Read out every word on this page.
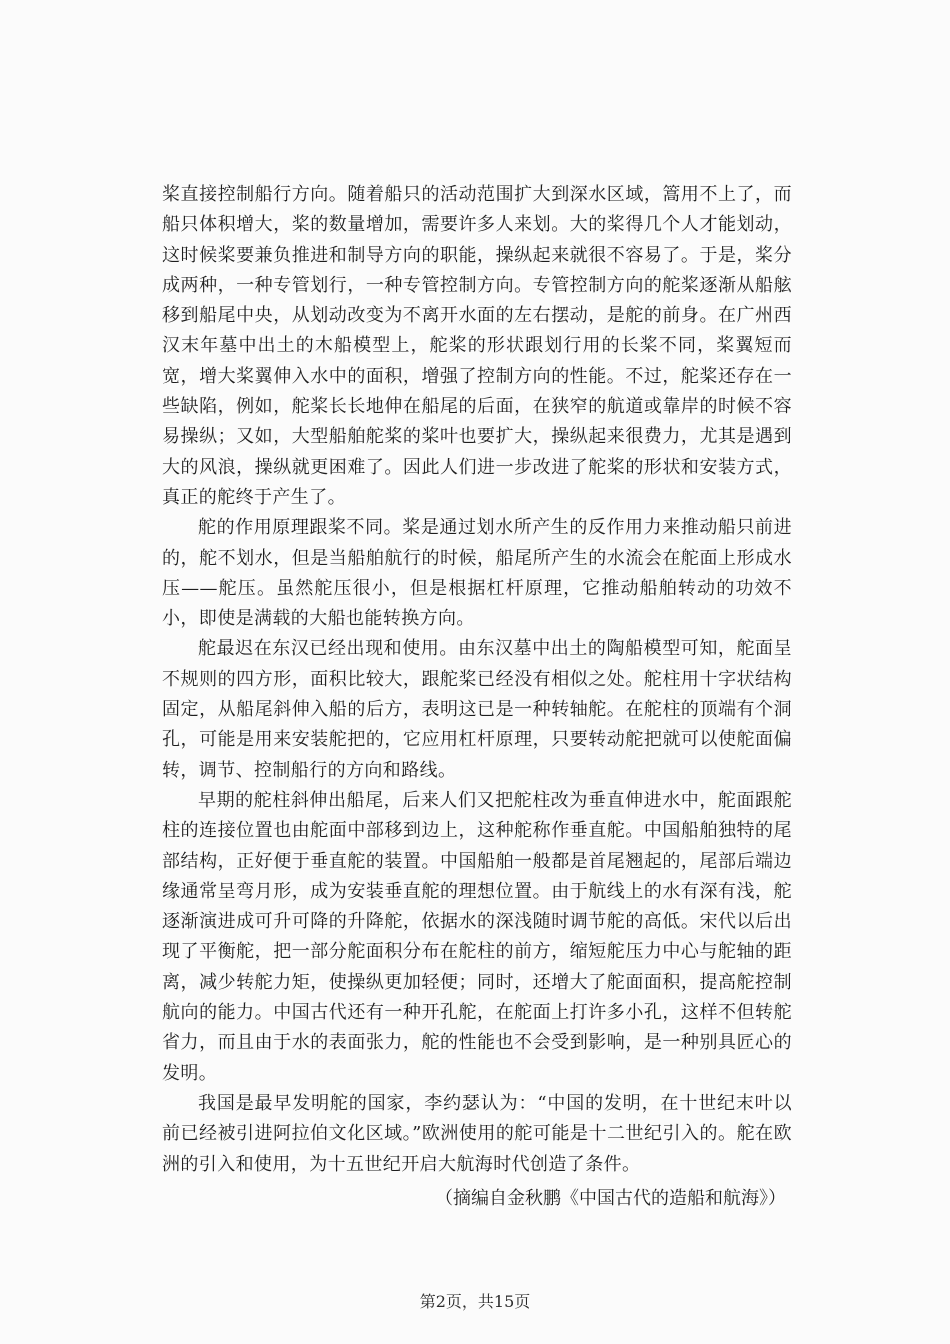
桨直接控制船行方向。随着船只的活动范围扩大到深水区域，篙用不上了，而船只体积增大，桨的数量增加，需要许多人来划。大的桨得几个人才能划动，这时候桨要兼负推进和制导方向的职能，操纵起来就很不容易了。于是，桨分成两种，一种专管划行，一种专管控制方向。专管控制方向的舵桨逐渐从船舷移到船尾中央，从划动改变为不离开水面的左右摆动，是舵的前身。在广州西汉末年墓中出土的木船模型上，舵桨的形状跟划行用的长桨不同，桨翼短而宽，增大桨翼伸入水中的面积，增强了控制方向的性能。不过，舵桨还存在一些缺陷，例如，舵桨长长地伸在船尾的后面，在狭窄的航道或靠岸的时候不容易操纵；又如，大型船舶舵桨的桨叶也要扩大，操纵起来很费力，尤其是遇到大的风浪，操纵就更困难了。因此人们进一步改进了舵桨的形状和安装方式，真正的舵终于产生了。

舵的作用原理跟桨不同。桨是通过划水所产生的反作用力来推动船只前进的，舵不划水，但是当船舶航行的时候，船尾所产生的水流会在舵面上形成水压——舵压。虽然舵压很小，但是根据杠杆原理，它推动船舶转动的功效不小，即使是满载的大船也能转换方向。

舵最迟在东汉已经出现和使用。由东汉墓中出土的陶船模型可知，舵面呈不规则的四方形，面积比较大，跟舵桨已经没有相似之处。舵柱用十字状结构固定，从船尾斜伸入船的后方，表明这已是一种转轴舵。在舵柱的顶端有个洞孔，可能是用来安装舵把的，它应用杠杆原理，只要转动舵把就可以使舵面偏转，调节、控制船行的方向和路线。

早期的舵柱斜伸出船尾，后来人们又把舵柱改为垂直伸进水中，舵面跟舵柱的连接位置也由舵面中部移到边上，这种舵称作垂直舵。中国船舶独特的尾部结构，正好便于垂直舵的装置。中国船舶一般都是首尾翘起的，尾部后端边缘通常呈弯月形，成为安装垂直舵的理想位置。由于航线上的水有深有浅，舵逐渐演进成可升可降的升降舵，依据水的深浅随时调节舵的高低。宋代以后出现了平衡舵，把一部分舵面积分布在舵柱的前方，缩短舵压力中心与舵轴的距离，减少转舵力矩，使操纵更加轻便；同时，还增大了舵面面积，提高舵控制航向的能力。中国古代还有一种开孔舵，在舵面上打许多小孔，这样不但转舵省力，而且由于水的表面张力，舵的性能也不会受到影响，是一种别具匠心的发明。

我国是最早发明舵的国家，李约瑟认为：“中国的发明，在十世纪末叶以前已经被引进阿拉伯文化区域。”欧洲使用的舵可能是十二世纪引入的。舵在欧洲的引入和使用，为十五世纪开启大航海时代创造了条件。

（摘编自金秋鹏《中国古代的造船和航海》）

第2页，共15页
